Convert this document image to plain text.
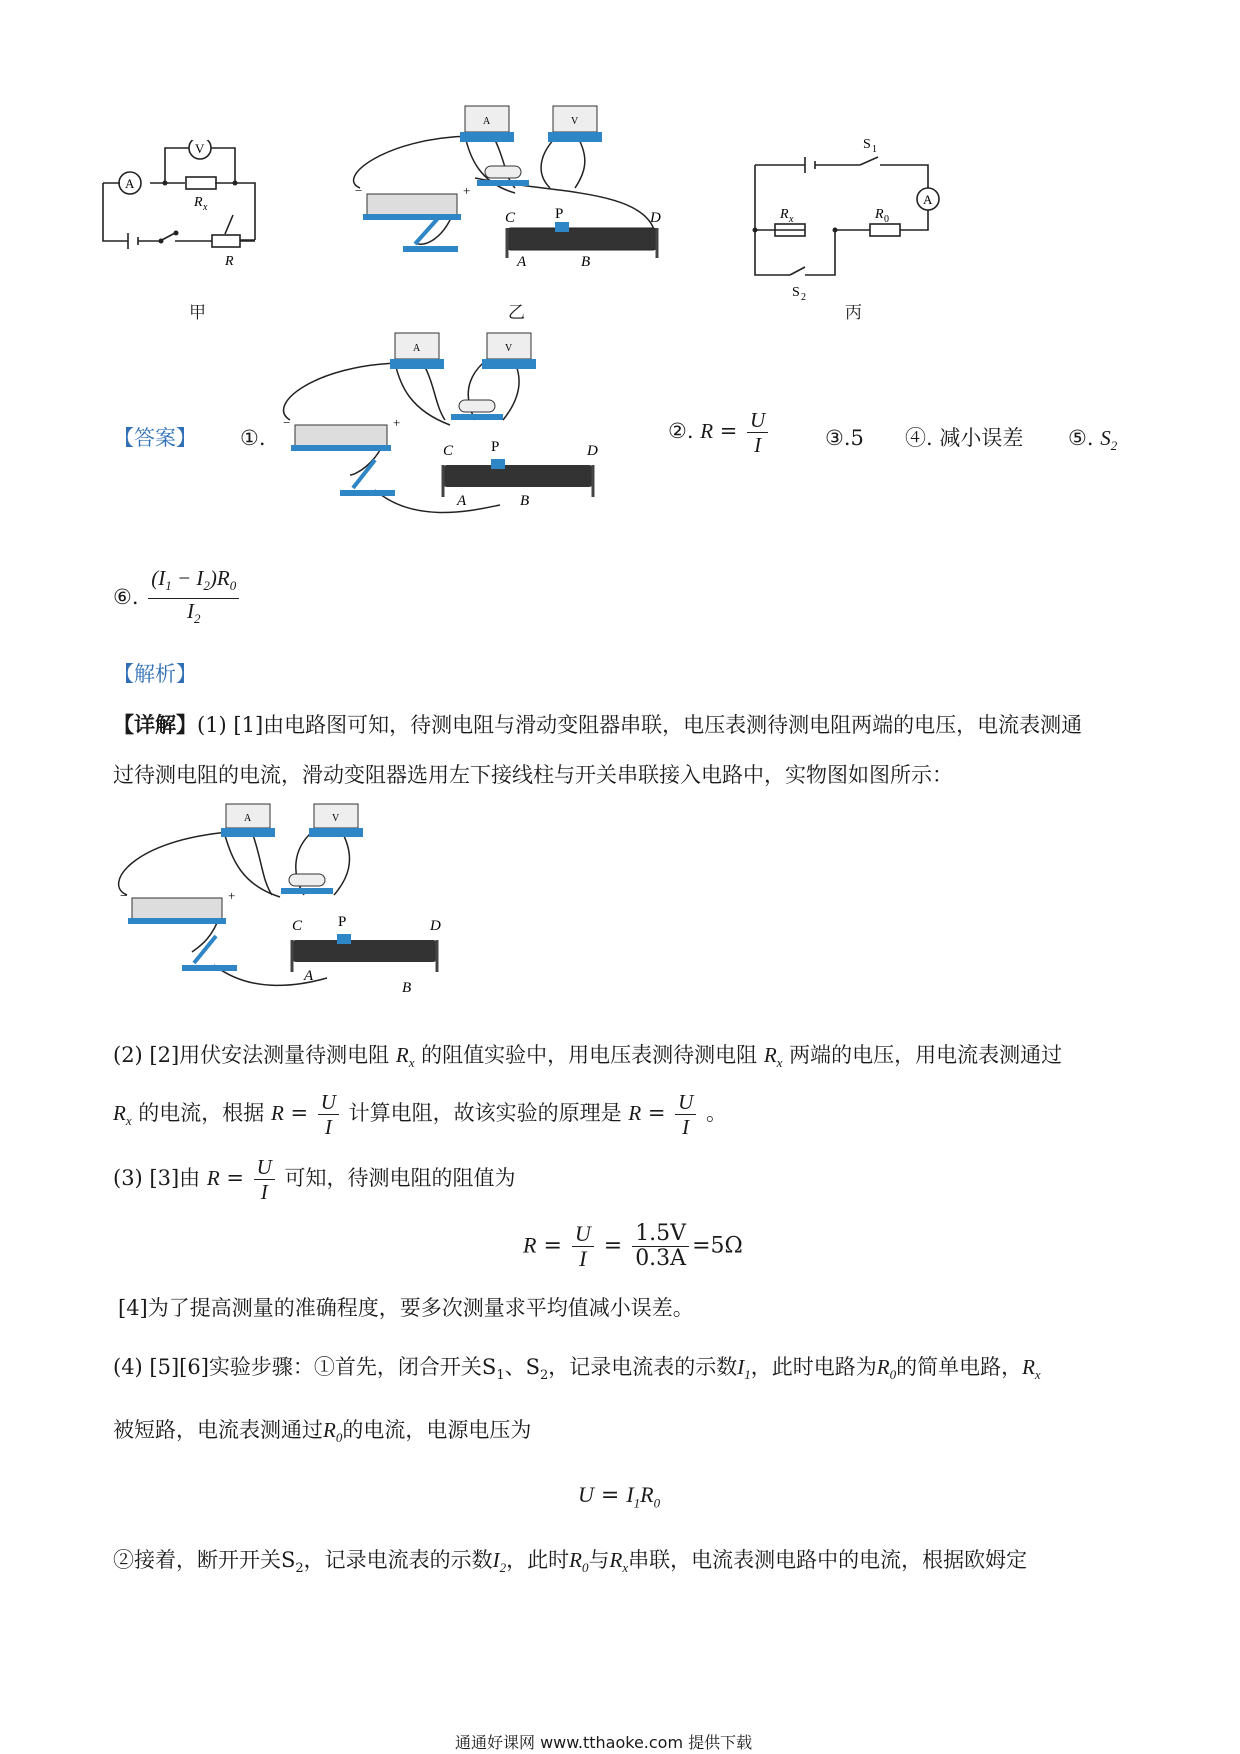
V
A
R x
R
甲
A	V
−	+
C	P	D
A	B
乙
A
S 1
R x	R 0
S 2
丙
【答案】 ①.
A	V
−	+
C	P	D
A	B
②. $R = \frac{U}{I}$	③.5 ④. 减小误差 ⑤. $S_2$
⑥. $\frac{(I_1 - I_2)R_0}{I_2}$
【解析】
【详解】(1) [1]由电路图可知，待测电阻与滑动变阻器串联，电压表测待测电阻两端的电压，电流表测通
过待测电阻的电流，滑动变阻器选用左下接线柱与开关串联接入电路中，实物图如图所示：
A	V
−	+
C P	D
A
B
(2) [2]用伏安法测量待测电阻 $R_x$ 的阻值实验中，用电压表测待测电阻 $R_x$ 两端的电压，用电流表测通过
$R_x$ 的电流，根据 $R = \frac{U}{I}$ 计算电阻，故该实验的原理是 $R = \frac{U}{I}$ 。
(3) [3]由 $R = \frac{U}{I}$ 可知，待测电阻的阻值为
$R = \frac{U}{I} = \frac{1.5V}{0.3A} =5\Omega$
[4]为了提高测量的准确程度，要多次测量求平均值减小误差。
(4) [5][6]实验步骤：①首先，闭合开关$S_1$、$S_2$，记录电流表的示数$I_1$，此时电路为$R_0$的简单电路，$R_x$
被短路，电流表测通过$R_0$的电流，电源电压为
$U = I_1R_0$
②接着，断开开关$S_2$，记录电流表的示数$I_2$，此时$R_0$与$R_x$串联，电流表测电路中的电流，根据欧姆定
通通好课网 www.tthaoke.com 提供下载
